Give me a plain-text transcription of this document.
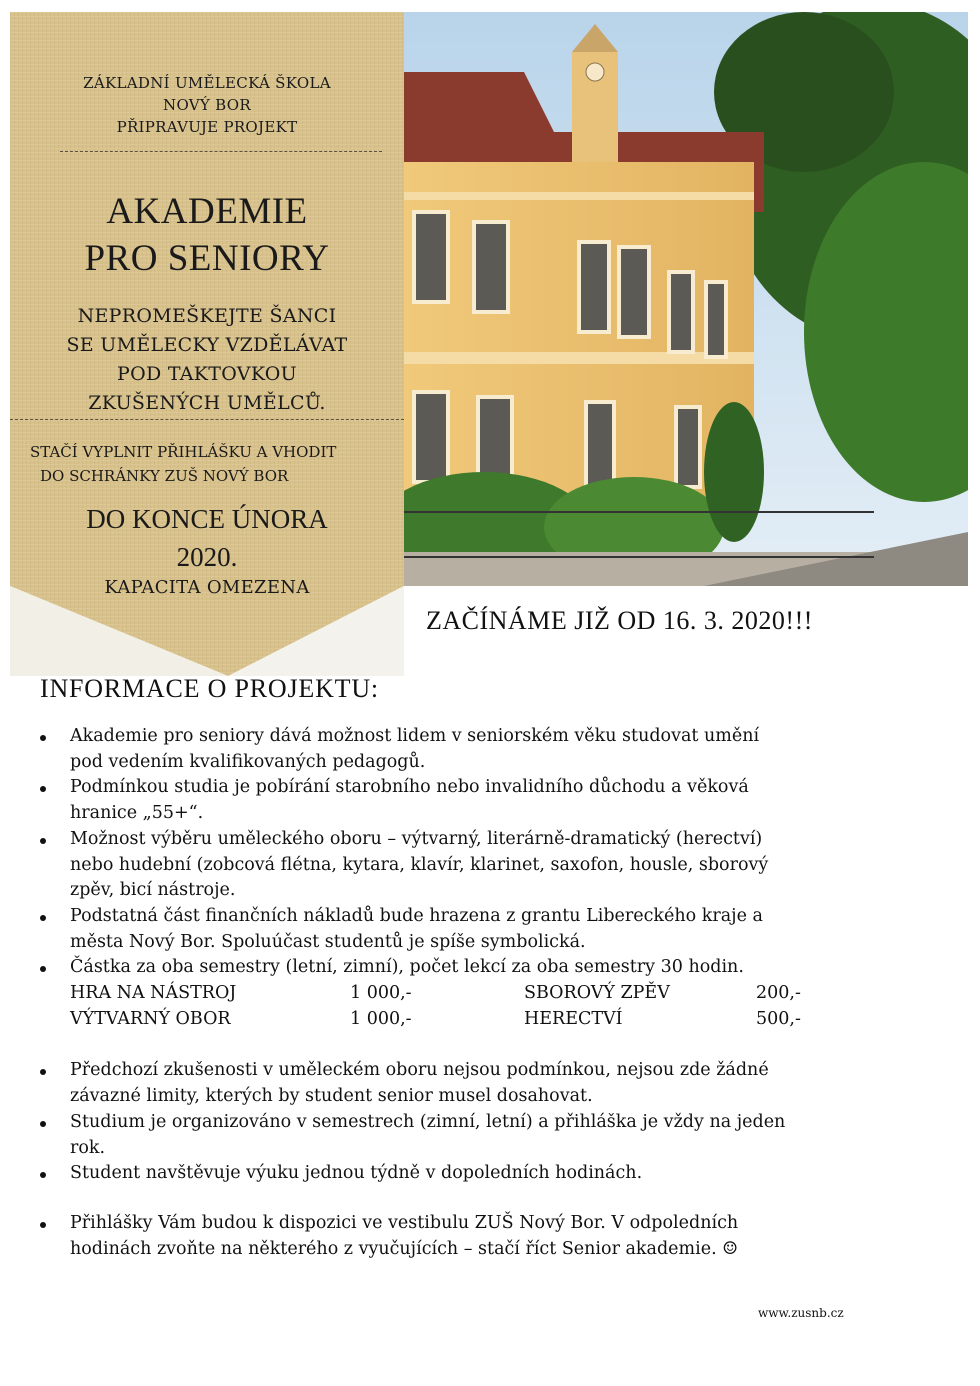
ZÁKLADNÍ UMĚLECKÁ ŠKOLA
NOVÝ BOR
PŘIPRAVUJE PROJEKT
AKADEMIE
PRO SENIORY
NEPROMEŠKEJTE ŠANCI
SE UMĚLECKY VZDĚLÁVAT
POD TAKTOVKOU
ZKUŠENÝCH UMĚLCŮ.
STAČÍ VYPLNIT PŘIHLÁŠKU A VHODIT
DO SCHRÁNKY ZUŠ NOVÝ BOR
DO KONCE ÚNORA
2020.
KAPACITA OMEZENA
ZAČÍNÁME JIŽ OD 16. 3. 2020!!!
INFORMACE O PROJEKTU:
Akademie pro seniory dává možnost lidem v seniorském věku studovat umění
pod vedením kvalifikovaných pedagogů.
Podmínkou studia je pobírání starobního nebo invalidního důchodu a věková
hranice „55+“.
Možnost výběru uměleckého oboru – výtvarný, literárně-dramatický (herectví)
nebo hudební (zobcová flétna, kytara, klavír, klarinet, saxofon, housle, sborový
zpěv, bicí nástroje.
Podstatná část finančních nákladů bude hrazena z grantu Libereckého kraje a
města Nový Bor. Spoluúčast studentů je spíše symbolická.
Částka za oba semestry (letní, zimní), počet lekcí za oba semestry 30 hodin.
HRA NA NÁSTROJ	1 000,-	SBOROVÝ ZPĚV	200,-
VÝTVARNÝ OBOR	1 000,-	HERECTVÍ	500,-
Předchozí zkušenosti v uměleckém oboru nejsou podmínkou, nejsou zde žádné
závazné limity, kterých by student senior musel dosahovat.
Studium je organizováno v semestrech (zimní, letní) a přihláška je vždy na jeden
rok.
Student navštěvuje výuku jednou týdně v dopoledních hodinách.
Přihlášky Vám budou k dispozici ve vestibulu ZUŠ Nový Bor. V odpoledních
hodinách zvoňte na některého z vyučujících – stačí říct Senior akademie. ☺
www.zusnb.cz
